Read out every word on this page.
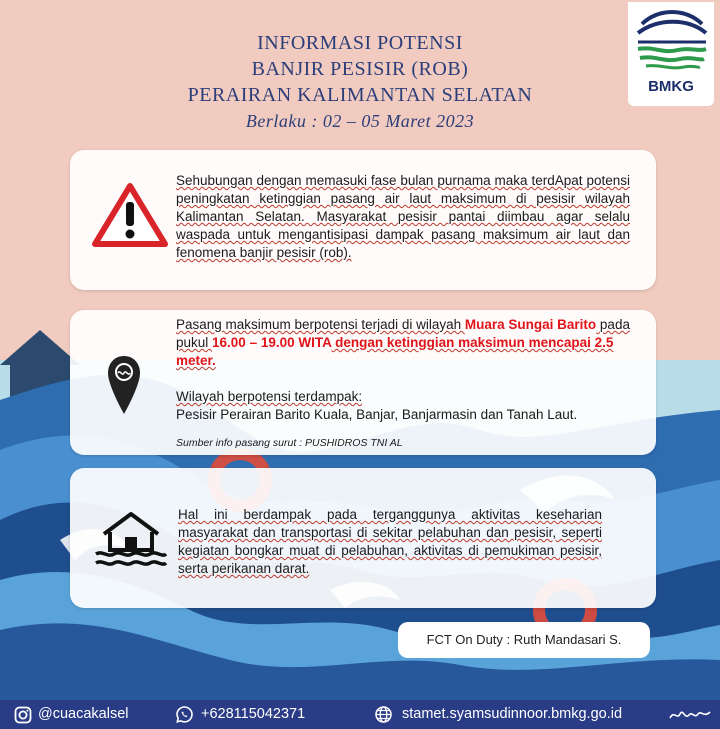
INFORMASI POTENSI
BANJIR PESISIR (ROB)
PERAIRAN KALIMANTAN SELATAN
Berlaku : 02 – 05 Maret 2023
BMKG
Sehubungan dengan memasuki fase bulan purnama maka terdApat potensi peningkatan ketinggian pasang air laut maksimum di pesisir wilayah Kalimantan Selatan. Masyarakat pesisir pantai diimbau agar selalu waspada untuk mengantisipasi dampak pasang maksimum air laut dan fenomena banjir pesisir (rob).
Pasang maksimum berpotensi terjadi di wilayah Muara Sungai Barito pada pukul 16.00 – 19.00 WITA dengan ketinggian maksimun mencapai 2.5 meter.
Wilayah berpotensi terdampak:
Pesisir Perairan Barito Kuala, Banjar, Banjarmasin dan Tanah Laut.
Sumber info pasang surut : PUSHIDROS TNI AL
Hal ini berdampak pada terganggunya aktivitas keseharian masyarakat dan transportasi di sekitar pelabuhan dan pesisir, seperti kegiatan bongkar muat di pelabuhan, aktivitas di pemukiman pesisir, serta perikanan darat.
FCT On Duty : Ruth Mandasari S.
@cuacakalsel	+628115042371	stamet.syamsudinnoor.bmkg.go.id
